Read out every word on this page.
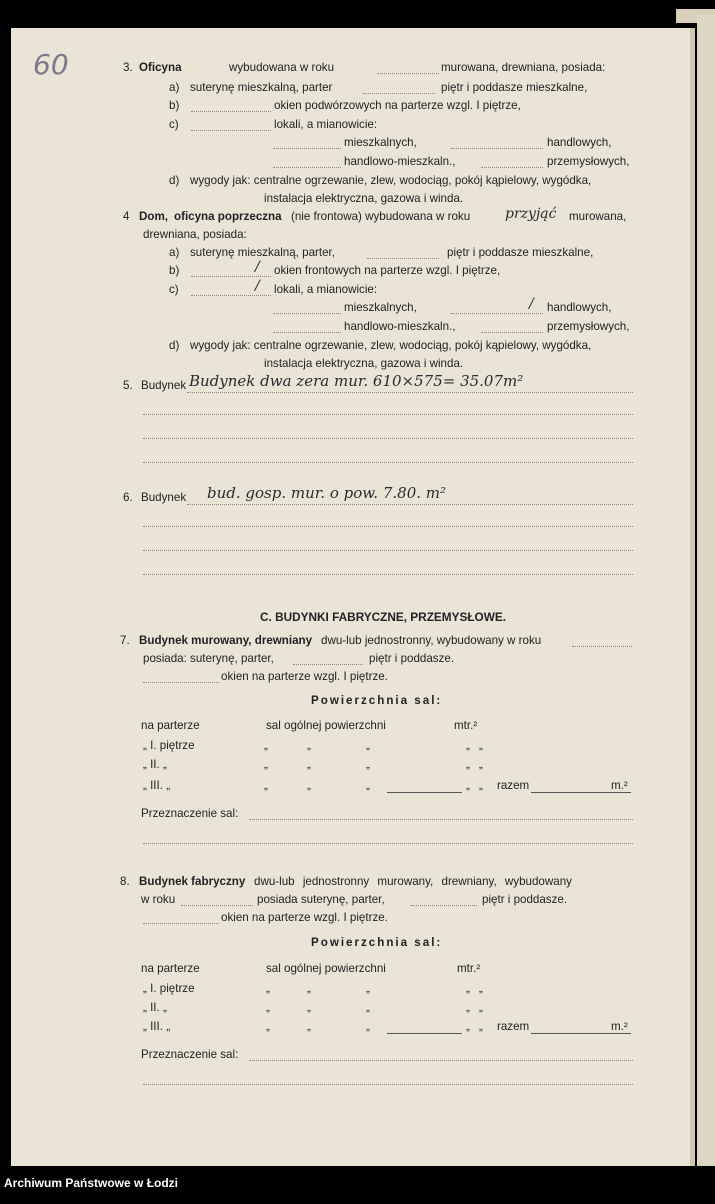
60	3. Oficyna	wybudowana w roku	murowana, drewniana, posiada:
a) suterynę mieszkalną, parter	piętr i poddasze mieszkalne,
b)	okien podwórzowych na parterze wzgl. I piętrze,
c)	lokali, a mianowicie:
mieszkalnych,	handlowych,
handlowo-mieszkaln.,	przemysłowych,
d) wygody jak: centralne ogrzewanie, zlew, wodociąg, pokój kąpielowy, wygódka,
instalacja elektryczna, gazowa i winda.
4 Dom, oficyna poprzeczna (nie frontowa) wybudowana w roku przyjąć murowana,
drewniana, posiada:
a) suterynę mieszkalną, parter,	piętr i poddasze mieszkalne,
b)	/ okien frontowych na parterze wzgl. I piętrze,
c)	/ lokali, a mianowicie:
mieszkalnych,	/ handlowych,
handlowo-mieszkaln.,	przemysłowych,
d) wygody jak: centralne ogrzewanie, zlew, wodociąg, pokój kąpielowy, wygódka,
instalacja elektryczna, gazowa i winda.
5. Budynek Budynek dwa zera mur. 610×575= 35.07m²
6. Budynek bud. gosp. mur. o pow. 7.80. m²
C. BUDYNKI FABRYCZNE, PRZEMYSŁOWE.
7. Budynek murowany, drewniany dwu-lub jednostronny, wybudowany w roku
posiada: suterynę, parter,	piętr i poddasze.
okien na parterze wzgl. I piętrze.
Powierzchnia sal:
na parterze	sal ogólnej powierzchni	mtr.²
„ I. piętrze	„	„	„	„ „
„ II. „	„	„	„	„ „
„ III. „	„	„	„	„ „ razem	m.²
Przeznaczenie sal:
8. Budynek fabryczny dwu-lub jednostronny murowany, drewniany, wybudowany
w roku	posiada suterynę, parter,	piętr i poddasze.
okien na parterze wzgl. I piętrze.
Powierzchnia sal:
na parterze	sal ogólnej powierzchni	mtr.²
„ I. piętrze	„	„	„	„ „
„ II. „	„	„	„	„ „
„ III. „	„	„	„	„ „ razem	m.²
Przeznaczenie sal:
Archiwum Państwowe w Łodzi
